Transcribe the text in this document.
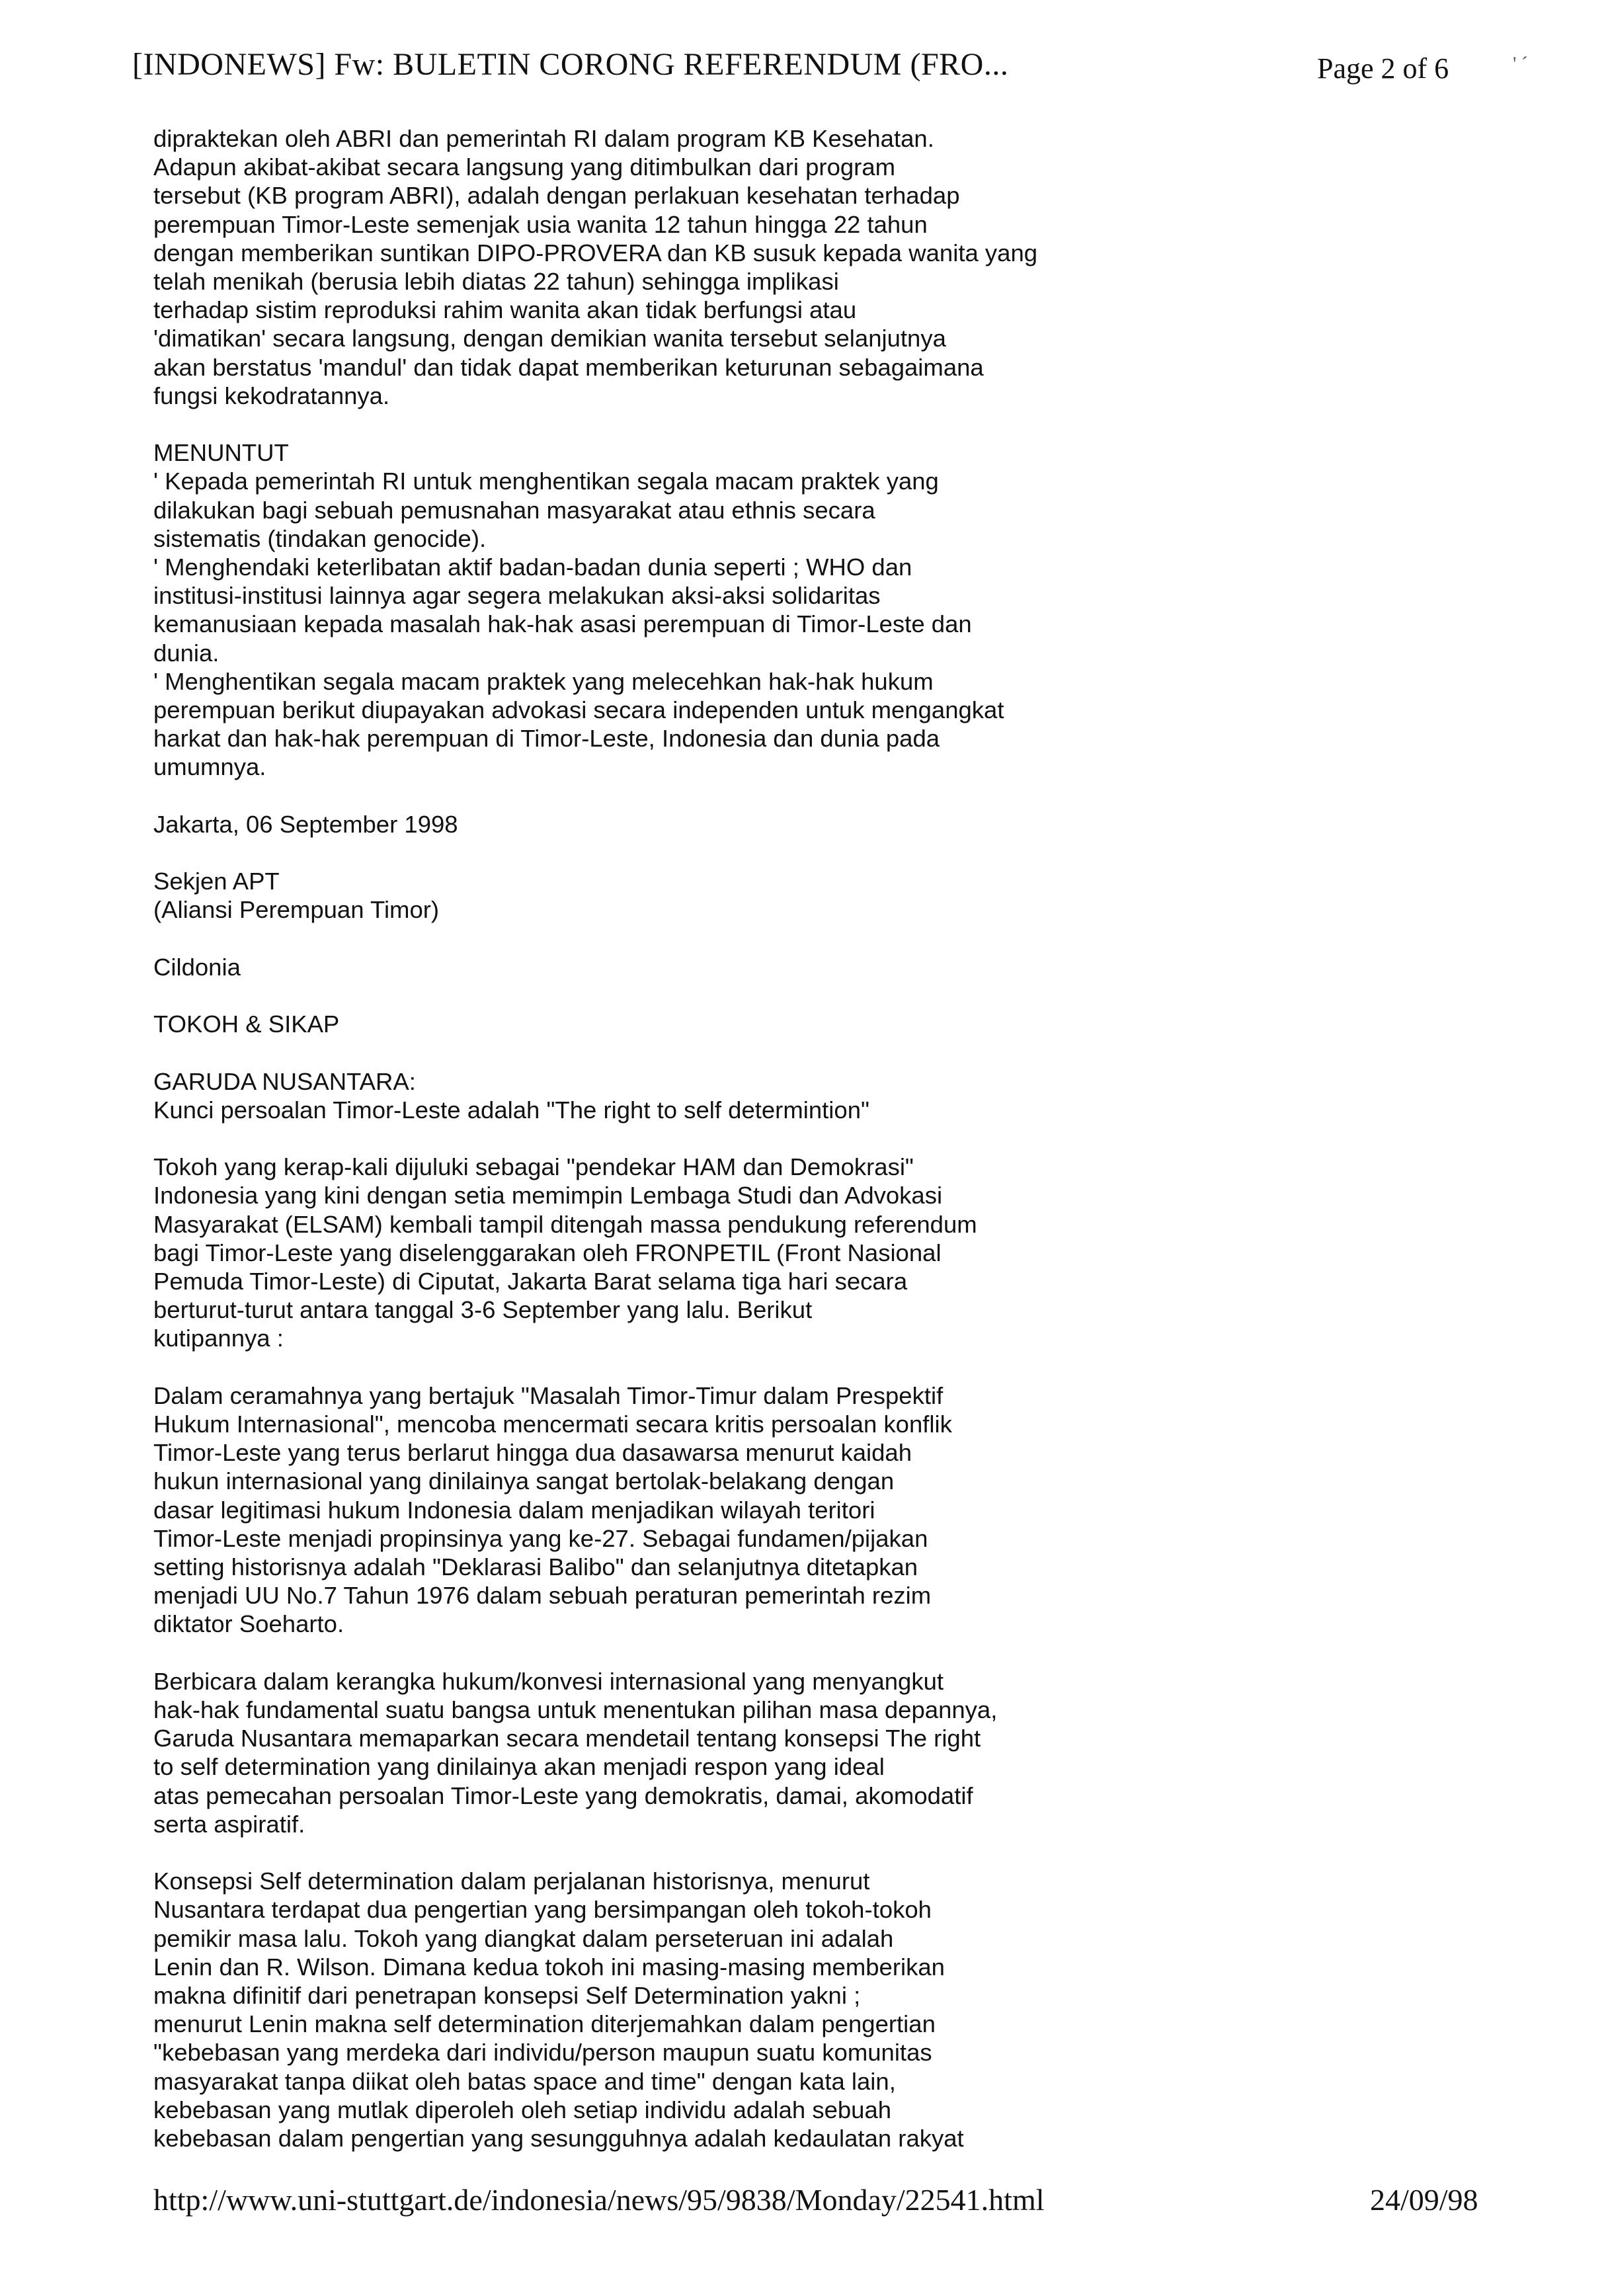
[INDONEWS] Fw: BULETIN CORONG REFERENDUM (FRO...	Page 2 of 6	' ˊ
dipraktekan oleh ABRI dan pemerintah RI dalam program KB Kesehatan.
Adapun akibat-akibat secara langsung yang ditimbulkan dari program
tersebut (KB program ABRI), adalah dengan perlakuan kesehatan terhadap
perempuan Timor-Leste semenjak usia wanita 12 tahun hingga 22 tahun
dengan memberikan suntikan DIPO-PROVERA dan KB susuk kepada wanita yang
telah menikah (berusia lebih diatas 22 tahun) sehingga implikasi
terhadap sistim reproduksi rahim wanita akan tidak berfungsi atau
'dimatikan' secara langsung, dengan demikian wanita tersebut selanjutnya
akan berstatus 'mandul' dan tidak dapat memberikan keturunan sebagaimana
fungsi kekodratannya.
MENUNTUT
' Kepada pemerintah RI untuk menghentikan segala macam praktek yang
dilakukan bagi sebuah pemusnahan masyarakat atau ethnis secara
sistematis (tindakan genocide).
' Menghendaki keterlibatan aktif badan-badan dunia seperti ; WHO dan
institusi-institusi lainnya agar segera melakukan aksi-aksi solidaritas
kemanusiaan kepada masalah hak-hak asasi perempuan di Timor-Leste dan
dunia.
' Menghentikan segala macam praktek yang melecehkan hak-hak hukum
perempuan berikut diupayakan advokasi secara independen untuk mengangkat
harkat dan hak-hak perempuan di Timor-Leste, Indonesia dan dunia pada
umumnya.
Jakarta, 06 September 1998
Sekjen APT
(Aliansi Perempuan Timor)
Cildonia
TOKOH & SIKAP
GARUDA NUSANTARA:
Kunci persoalan Timor-Leste adalah "The right to self determintion"
Tokoh yang kerap-kali dijuluki sebagai "pendekar HAM dan Demokrasi"
Indonesia yang kini dengan setia memimpin Lembaga Studi dan Advokasi
Masyarakat (ELSAM) kembali tampil ditengah massa pendukung referendum
bagi Timor-Leste yang diselenggarakan oleh FRONPETIL (Front Nasional
Pemuda Timor-Leste) di Ciputat, Jakarta Barat selama tiga hari secara
berturut-turut antara tanggal 3-6 September yang lalu. Berikut
kutipannya :
Dalam ceramahnya yang bertajuk "Masalah Timor-Timur dalam Prespektif
Hukum Internasional", mencoba mencermati secara kritis persoalan konflik
Timor-Leste yang terus berlarut hingga dua dasawarsa menurut kaidah
hukun internasional yang dinilainya sangat bertolak-belakang dengan
dasar legitimasi hukum Indonesia dalam menjadikan wilayah teritori
Timor-Leste menjadi propinsinya yang ke-27. Sebagai fundamen/pijakan
setting historisnya adalah "Deklarasi Balibo" dan selanjutnya ditetapkan
menjadi UU No.7 Tahun 1976 dalam sebuah peraturan pemerintah rezim
diktator Soeharto.
Berbicara dalam kerangka hukum/konvesi internasional yang menyangkut
hak-hak fundamental suatu bangsa untuk menentukan pilihan masa depannya,
Garuda Nusantara memaparkan secara mendetail tentang konsepsi The right
to self determination yang dinilainya akan menjadi respon yang ideal
atas pemecahan persoalan Timor-Leste yang demokratis, damai, akomodatif
serta aspiratif.
Konsepsi Self determination dalam perjalanan historisnya, menurut
Nusantara terdapat dua pengertian yang bersimpangan oleh tokoh-tokoh
pemikir masa lalu. Tokoh yang diangkat dalam perseteruan ini adalah
Lenin dan R. Wilson. Dimana kedua tokoh ini masing-masing memberikan
makna difinitif dari penetrapan konsepsi Self Determination yakni ;
menurut Lenin makna self determination diterjemahkan dalam pengertian
"kebebasan yang merdeka dari individu/person maupun suatu komunitas
masyarakat tanpa diikat oleh batas space and time" dengan kata lain,
kebebasan yang mutlak diperoleh oleh setiap individu adalah sebuah
kebebasan dalam pengertian yang sesungguhnya adalah kedaulatan rakyat
http://www.uni-stuttgart.de/indonesia/news/95/9838/Monday/22541.html	24/09/98
